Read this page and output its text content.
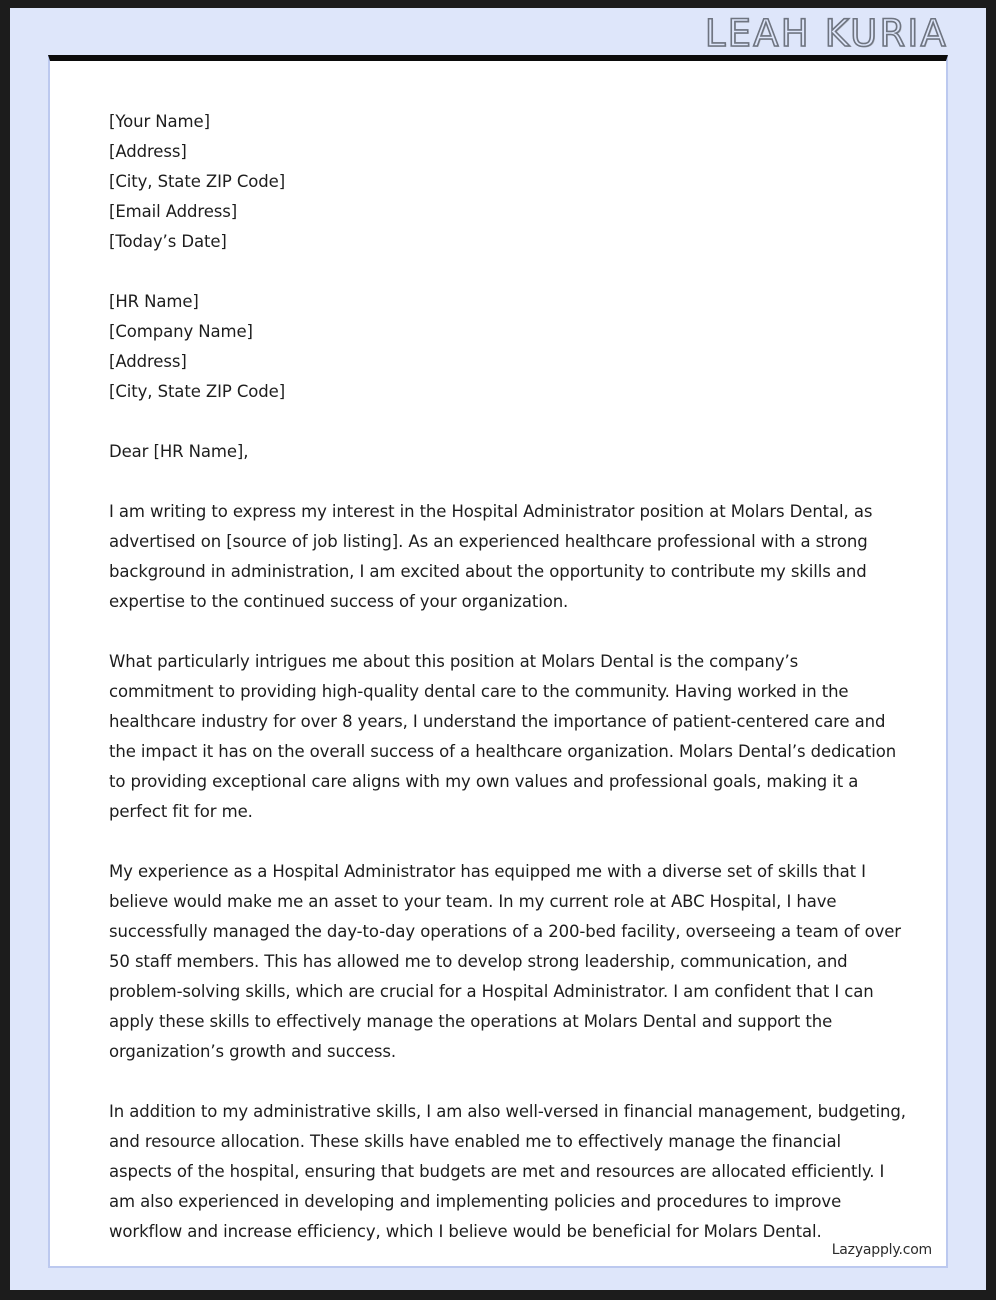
LEAH KURIA
[Your Name]
[Address]
[City, State ZIP Code]
[Email Address]
[Today’s Date]
[HR Name]
[Company Name]
[Address]
[City, State ZIP Code]

Dear [HR Name],

I am writing to express my interest in the Hospital Administrator position at Molars Dental, as advertised on [source of job listing]. As an experienced healthcare professional with a strong background in administration, I am excited about the opportunity to contribute my skills and expertise to the continued success of your organization.

What particularly intrigues me about this position at Molars Dental is the company’s commitment to providing high-quality dental care to the community. Having worked in the healthcare industry for over 8 years, I understand the importance of patient-centered care and the impact it has on the overall success of a healthcare organization. Molars Dental’s dedication to providing exceptional care aligns with my own values and professional goals, making it a perfect fit for me.

My experience as a Hospital Administrator has equipped me with a diverse set of skills that I believe would make me an asset to your team. In my current role at ABC Hospital, I have successfully managed the day-to-day operations of a 200-bed facility, overseeing a team of over 50 staff members. This has allowed me to develop strong leadership, communication, and problem-solving skills, which are crucial for a Hospital Administrator. I am confident that I can apply these skills to effectively manage the operations at Molars Dental and support the organization’s growth and success.

In addition to my administrative skills, I am also well-versed in financial management, budgeting, and resource allocation. These skills have enabled me to effectively manage the financial aspects of the hospital, ensuring that budgets are met and resources are allocated efficiently. I am also experienced in developing and implementing policies and procedures to improve workflow and increase efficiency, which I believe would be beneficial for Molars Dental.

Lazyapply.com
